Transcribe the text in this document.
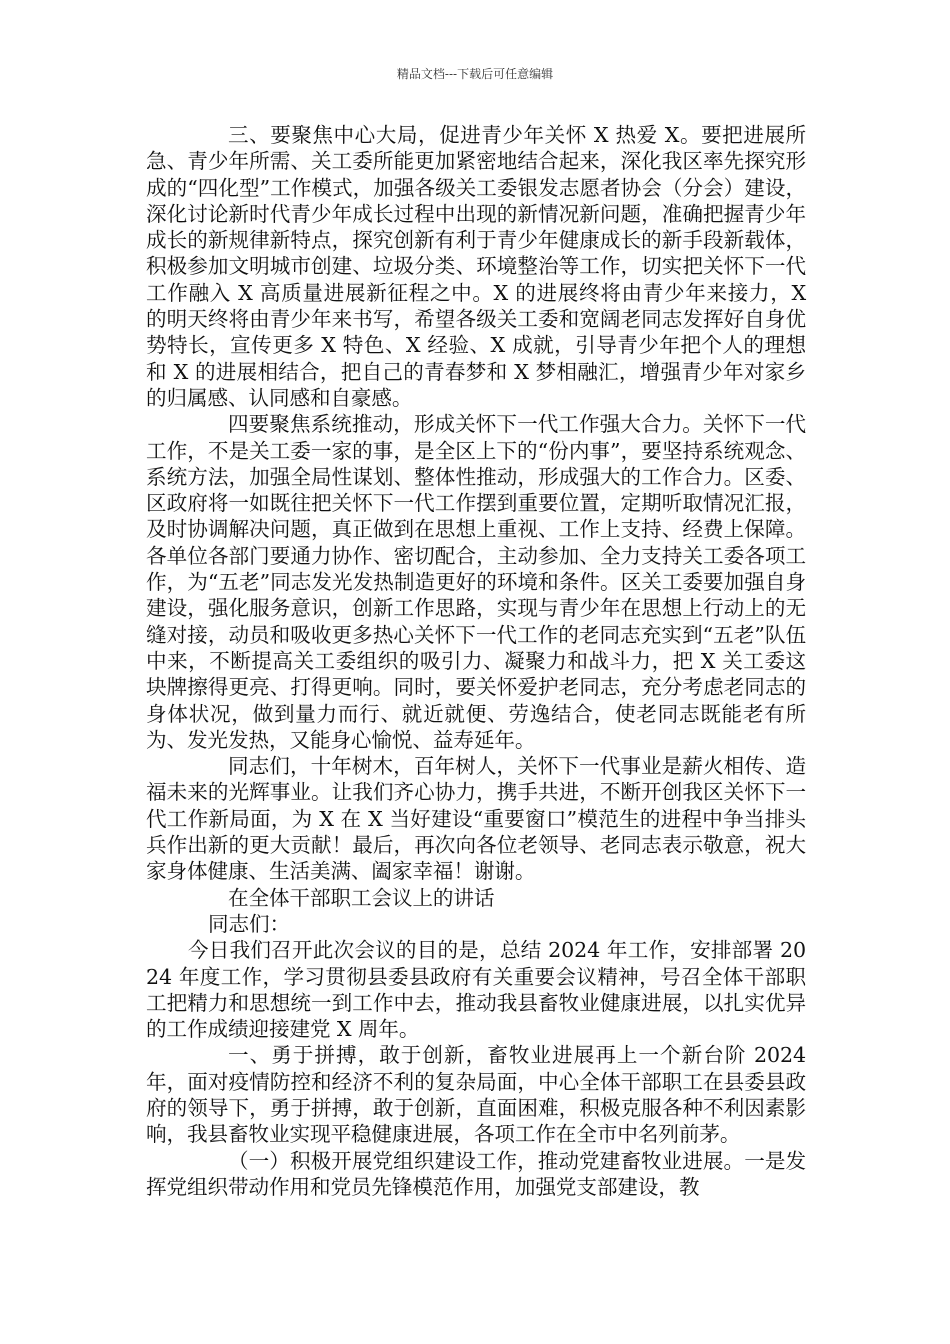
精品文档---下载后可任意编辑

三、要聚焦中心大局，促进青少年关怀 X 热爱 X。要把进展所急、青少年所需、关工委所能更加紧密地结合起来，深化我区率先探究形成的“四化型”工作模式，加强各级关工委银发志愿者协会（分会）建设，深化讨论新时代青少年成长过程中出现的新情况新问题，准确把握青少年成长的新规律新特点，探究创新有利于青少年健康成长的新手段新载体，积极参加文明城市创建、垃圾分类、环境整治等工作，切实把关怀下一代工作融入 X 高质量进展新征程之中。X 的进展终将由青少年来接力，X 的明天终将由青少年来书写，希望各级关工委和宽阔老同志发挥好自身优势特长，宣传更多 X 特色、X 经验、X 成就，引导青少年把个人的理想和 X 的进展相结合，把自己的青春梦和 X 梦相融汇，增强青少年对家乡的归属感、认同感和自豪感。

四要聚焦系统推动，形成关怀下一代工作强大合力。关怀下一代工作，不是关工委一家的事，是全区上下的“份内事”，要坚持系统观念、系统方法，加强全局性谋划、整体性推动，形成强大的工作合力。区委、区政府将一如既往把关怀下一代工作摆到重要位置，定期听取情况汇报，及时协调解决问题，真正做到在思想上重视、工作上支持、经费上保障。各单位各部门要通力协作、密切配合，主动参加、全力支持关工委各项工作，为“五老”同志发光发热制造更好的环境和条件。区关工委要加强自身建设，强化服务意识，创新工作思路，实现与青少年在思想上行动上的无缝对接，动员和吸收更多热心关怀下一代工作的老同志充实到“五老”队伍中来，不断提高关工委组织的吸引力、凝聚力和战斗力，把 X 关工委这块牌擦得更亮、打得更响。同时，要关怀爱护老同志，充分考虑老同志的身体状况，做到量力而行、就近就便、劳逸结合，使老同志既能老有所为、发光发热，又能身心愉悦、益寿延年。

同志们，十年树木，百年树人，关怀下一代事业是薪火相传、造福未来的光辉事业。让我们齐心协力，携手共进，不断开创我区关怀下一代工作新局面，为 X 在 X 当好建设“重要窗口”模范生的进程中争当排头兵作出新的更大贡献！最后，再次向各位老领导、老同志表示敬意，祝大家身体健康、生活美满、阖家幸福！谢谢。

在全体干部职工会议上的讲话

同志们：

今日我们召开此次会议的目的是，总结 2024 年工作，安排部署 2024 年度工作，学习贯彻县委县政府有关重要会议精神，号召全体干部职工把精力和思想统一到工作中去，推动我县畜牧业健康进展，以扎实优异的工作成绩迎接建党 X 周年。

一、勇于拼搏，敢于创新，畜牧业进展再上一个新台阶 2024 年，面对疫情防控和经济不利的复杂局面，中心全体干部职工在县委县政府的领导下，勇于拼搏，敢于创新，直面困难，积极克服各种不利因素影响，我县畜牧业实现平稳健康进展，各项工作在全市中名列前茅。

（一）积极开展党组织建设工作，推动党建畜牧业进展。一是发挥党组织带动作用和党员先锋模范作用，加强党支部建设，教
